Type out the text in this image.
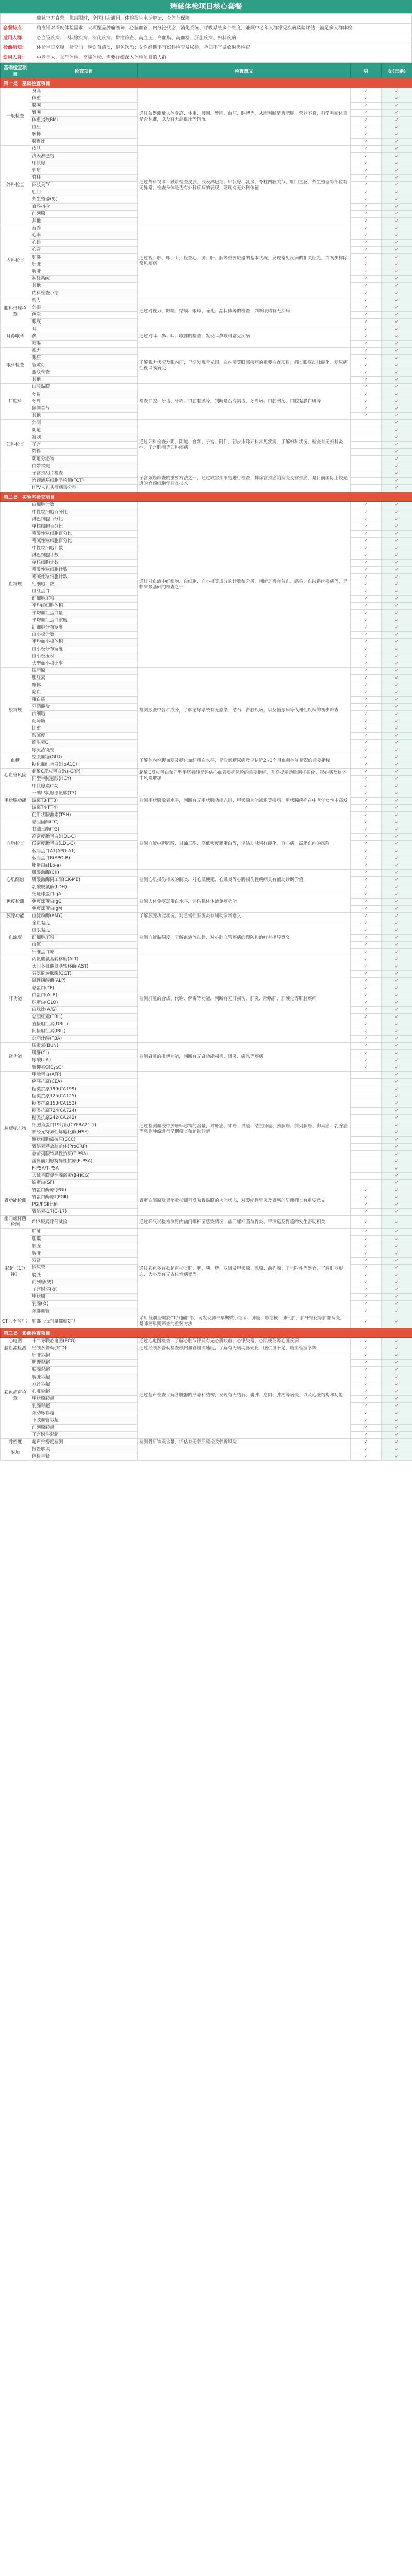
瑞慈体检项目核心套餐
	瑞慈官方直营，优惠限时，全国门店通用，体检报告电话解读，查体有保障
套餐特点：	精准针对深度体检需求，大项覆盖肿瘤初筛、心脑血管、内分泌代谢、消化系统、呼吸系统多个维度，兼顾中老年人群常见疾病风险评估，满足多人群体检
适用人群：	心血管疾病、甲状腺疾病、消化疾病、肿瘤筛查、高血压、高血脂、高血糖、肝胆疾病、妇科疾病
检前须知：	体检当日空腹，检查前一晚饮食清淡，避免饮酒；女性经期不宜妇科检查及尿检，孕妇不宜做放射类检查
适用人群：	中老年人、父母体检、高端体检、需要详细深入体检项目的人群
基础检查项目	检查项目	检查意义	男	女(已婚)
第一类　基础检查项目				
一般检查	身高	通过仪器测量人体身高、体重、腰围、臀围、血压、脉搏等，从而判断是否肥胖、营养不良，科学判断体重是否标准，以及有无高血压等情况	✓	✓
	体重		✓	✓
	腰围		✓	✓
	臀围		✓	✓
	体重指数BMI		✓	✓
	血压		✓	✓
	脉搏		✓	✓
	腰臀比		✓	✓
外科检查	皮肤	通过外科视诊、触诊检查皮肤、浅表淋巴结、甲状腺、乳房、脊柱四肢关节、肛门直肠、外生殖器等部位有无异常，检查身体是否有外科疾病的表现，发现有无外科体征	✓	✓
	浅表淋巴结		✓	✓
	甲状腺		✓	✓
	乳房		✓	✓
	脊柱		✓	✓
	四肢关节		✓	✓
	肛门		✓	✓
	外生殖器(男)		✓	✓
	直肠指检		✓	✓
	前列腺		✓	✓
	其他		✓	✓
内科检查	营养	通过视、触、叩、听，检查心、肺、肝、脾等重要脏器的基本状况，发现常见疾病的相关征兆，或初步排除常见疾病	✓	✓
	心率		✓	✓
	心律		✓	✓
	心音		✓	✓
	肺部		✓	✓
	肝脏		✓	✓
	脾脏		✓	✓
	神经系统		✓	✓
	其他		✓	✓
	内科检查小结		✓	✓
眼科常规检查	视力	通过对视力、眼睑、结膜、眼球、瞳孔、晶状体等的检查，判断眼睛有无疾病	✓	✓
	外眼		✓	✓
	色觉		✓	✓
	眼底		✓	✓
耳鼻喉科	耳	通过对耳、鼻、咽、喉部的检查，发现耳鼻喉科常见疾病	✓	✓
	鼻		✓	✓
	咽喉		✓	✓
眼科检查	视力	了解视力状况及眼内压，早期发现青光眼、白内障等眼部疾病的重要检查项目；筛查眼底动脉硬化、糖尿病性视网膜病变	✓	✓
	眼压		✓	✓
	裂隙灯		✓	✓
	眼底检查		✓	✓
	其他		✓	✓
口腔科	口腔黏膜	检查口腔、牙齿、牙周、口腔黏膜等，判断是否有龋齿、牙周病、口腔溃疡、口腔黏膜白斑等	✓	✓
	牙齿		✓	✓
	牙周		✓	✓
	颞颌关节		✓	✓
	其他		✓	✓
妇科检查	外阴	通过妇科检查外阴、阴道、宫颈、子宫、附件，初步排除妇科常见疾病，了解妇科状况，检查有无妇科炎症，子宫肌瘤等妇科疾病		✓
	阴道			✓
	宫颈			✓
	子宫			✓
	附件			✓
	阴道分泌物			✓
	白带常规			✓
	子宫颈刮片检查	子宫颈癌筛查的重要方法之一，通过取宫颈细胞进行检查，排除宫颈癌前病变及宫颈癌，是目前国际上较先进的宫颈细胞学检查技术		✓
	宫颈液基细胞学检测(TCT)			✓
	HPV人乳头瘤病毒分型			✓
第二类　实验室检查项目				
血常规	白细胞计数	通过对血液中红细胞、白细胞、血小板等成分的计数和分析，判断是否有贫血、感染、血液系统疾病等，是临床最基础的检查之一	✓	✓
	中性粒细胞百分比		✓	✓
	淋巴细胞百分比		✓	✓
	单核细胞百分比		✓	✓
	嗜酸性粒细胞百分比		✓	✓
	嗜碱性粒细胞百分比		✓	✓
	中性粒细胞计数		✓	✓
	淋巴细胞计数		✓	✓
	单核细胞计数		✓	✓
	嗜酸性粒细胞计数		✓	✓
	嗜碱性粒细胞计数		✓	✓
	红细胞计数		✓	✓
	血红蛋白		✓	✓
	红细胞压积		✓	✓
	平均红细胞体积		✓	✓
	平均血红蛋白量		✓	✓
	平均血红蛋白浓度		✓	✓
	红细胞分布宽度		✓	✓
	血小板计数		✓	✓
	平均血小板体积		✓	✓
	血小板分布宽度		✓	✓
	血小板压积		✓	✓
	大型血小板比率		✓	✓
尿常规	尿胆原	检测尿液中各种成分，了解泌尿系统有无感染、结石、肾脏疾病，以及糖尿病等代谢性疾病的初步筛查	✓	✓
	胆红素		✓	✓
	酮体		✓	✓
	隐血		✓	✓
	蛋白质		✓	✓
	亚硝酸盐		✓	✓
	白细胞		✓	✓
	葡萄糖		✓	✓
	比重		✓	✓
	酸碱度		✓	✓
	维生素C		✓	✓
	尿沉渣镜检		✓	✓
血糖	空腹血糖(GLU)	了解体内空腹血糖及糖化血红蛋白水平，是诊断糖尿病及评估近2~3个月血糖控制情况的重要指标	✓	✓
	糖化血红蛋白(HbA1C)		✓	✓
心血管风险	超敏C反应蛋白(hs-CRP)	超敏C反应蛋白和同型半胱氨酸是评估心血管疾病风险的重要指标，升高提示动脉粥样硬化、冠心病及脑卒中风险增加	✓	✓
	同型半胱氨酸(HCY)		✓	✓
甲状腺功能	甲状腺素(T4)	检测甲状腺激素水平，判断有无甲状腺功能亢进、甲状腺功能减退等疾病，甲状腺疾病在中老年女性中高发	✓	✓
	三碘甲状腺原氨酸(T3)		✓	✓
	游离T3(FT3)		✓	✓
	游离T4(FT4)		✓	✓
	促甲状腺激素(TSH)		✓	✓
血脂检查	总胆固醇(TC)	检测血液中胆固醇、甘油三酯、高低密度脂蛋白等，评估动脉粥样硬化、冠心病、高脂血症的风险	✓	✓
	甘油三酯(TG)		✓	✓
	高密度脂蛋白(HDL-C)		✓	✓
	低密度脂蛋白(LDL-C)		✓	✓
	载脂蛋白A1(APO-A1)		✓	✓
	载脂蛋白B(APO-B)		✓	✓
	脂蛋白a(Lp-a)		✓	✓
心肌酶谱	肌酸激酶(CK)	检测心肌损伤相关的酶类，对心肌梗死、心肌炎等心肌损伤性疾病具有辅助诊断价值	✓	✓
	肌酸激酶同工酶(CK-MB)		✓	✓
	乳酸脱氢酶(LDH)		✓	✓
免疫检测	免疫球蛋白IgA	检测人体免疫球蛋白水平，评估机体体液免疫功能	✓	✓
	免疫球蛋白IgG		✓	✓
	免疫球蛋白IgM		✓	✓
胰腺功能	血淀粉酶(AMY)	了解胰腺功能状况，对急慢性胰腺炎有辅助诊断意义	✓	✓
血流变	全血黏度	检测血液黏稠度，了解血液流动性，对心脑血管疾病的预防和治疗有指导意义	✓	✓
	血浆黏度		✓	✓
	红细胞压积		✓	✓
	血沉		✓	✓
	纤维蛋白原		✓	✓
肝功能	丙氨酸氨基转移酶(ALT)	检测肝脏的合成、代谢、解毒等功能，判断有无肝损伤、肝炎、脂肪肝、肝硬化等肝脏疾病	✓	✓
	天门冬氨酸氨基转移酶(AST)		✓	✓
	谷氨酰转肽酶(GGT)		✓	✓
	碱性磷酸酶(ALP)		✓	✓
	总蛋白(TP)		✓	✓
	白蛋白(ALB)		✓	✓
	球蛋白(GLO)		✓	✓
	白球比(A/G)		✓	✓
	总胆红素(TBIL)		✓	✓
	直接胆红素(DBIL)		✓	✓
	间接胆红素(IBIL)		✓	✓
	总胆汁酸(TBA)		✓	✓
肾功能	尿素氮(BUN)	检测肾脏的排泄功能，判断有无肾功能损害、肾炎、痛风等疾病	✓	✓
	肌酐(Cr)		✓	✓
	尿酸(UA)		✓	✓
	胱抑素C(CysC)		✓	✓
肿瘤标志物	甲胎蛋白(AFP)	通过检测血液中肿瘤标志物的含量，对肝癌、肺癌、胃癌、结直肠癌、胰腺癌、前列腺癌、卵巢癌、乳腺癌等恶性肿瘤进行早期筛查和辅助诊断		✓
	癌胚抗原(CEA)			✓
	糖类抗原199(CA199)			✓
	糖类抗原125(CA125)			✓
	糖类抗原153(CA153)			✓
	糖类抗原724(CA724)			✓
	糖类抗原242(CA242)			✓
	细胞角蛋白19片段(CYFRA21-1)			✓
	神经元特异性烯醇化酶(NSE)			✓
	鳞状细胞癌抗原(SCC)			✓
	胃泌素释放肽前体(ProGRP)			✓
	总前列腺特异性抗原(T-PSA)			✓
	游离前列腺特异性抗原(F-PSA)			✓
	F-PSA/T-PSA			✓
	人绒毛膜促性腺激素(β-HCG)			✓
	铁蛋白(SF)			✓
胃功能检测	胃蛋白酶原Ⅰ(PGⅠ)	胃蛋白酶原及胃泌素检测可反映胃黏膜的功能状态，对萎缩性胃炎及胃癌的早期筛查有重要意义	✓	✓
	胃蛋白酶原Ⅱ(PGⅡ)		✓	✓
	PGⅠ/PGⅡ比值		✓	✓
	胃泌素-17(G-17)		✓	✓
幽门螺杆菌检测	C13尿素呼气试验	通过呼气试验检测胃内幽门螺杆菌感染情况，幽门螺杆菌与胃炎、胃溃疡及胃癌的发生密切相关	✓	✓
彩超（1分钟）	肝脏	通过彩色多普勒超声检查肝、胆、胰、脾、双肾及甲状腺、乳腺、前列腺、子宫附件等器官，了解脏器形态、大小及有无占位性病变等	✓	✓
	胆囊		✓	✓
	胰腺		✓	✓
	脾脏		✓	✓
	双肾		✓	✓
	输尿管		✓	✓
	膀胱		✓	✓
	前列腺(男)		✓	✓
	子宫附件(女)		✓	✓
	甲状腺		✓	✓
	乳腺(女)		✓	✓
	颈部血管		✓	✓
CT（不含片）	肺部（低剂量螺旋CT）	采用低剂量螺旋CT扫描肺部，可发现肺部早期微小结节、肺癌、肺结核、肺气肿、肺纤维化等肺部病变，是肺癌早期筛查的重要方法	✓	✓
第三类　影像检查项目				
心电图	十二导联心电图(ECG)	通过心电图检查，了解心脏节律及有无心肌缺血、心律失常、心肌梗死等心脏疾病	✓	✓
脑血流检测	经颅多普勒(TCD)	通过经颅多普勒检查颅内血管血流速度，了解有无脑动脉硬化、脑供血不足、脑血管痉挛等	✓	✓
彩色超声检查	肝脏彩超	通过超声检查了解各脏器的形态和结构，发现有无结石、囊肿、息肉、肿瘤等病变，以及心脏结构和功能	✓	✓
	胆囊彩超		✓	✓
	胰腺彩超		✓	✓
	脾脏彩超		✓	✓
	双肾彩超		✓	✓
	心脏彩超		✓	✓
	甲状腺彩超		✓	✓
	乳腺彩超		✓	✓
	颈动脉彩超		✓	✓
	下肢血管彩超		✓	✓
	前列腺彩超		✓	✓
	子宫附件彩超		✓	✓
骨密度	超声骨密度检测	检测骨矿物质含量，评估有无骨质疏松及骨折风险	✓	✓
附加	报告解读		✓	✓
	体检早餐		✓	✓
